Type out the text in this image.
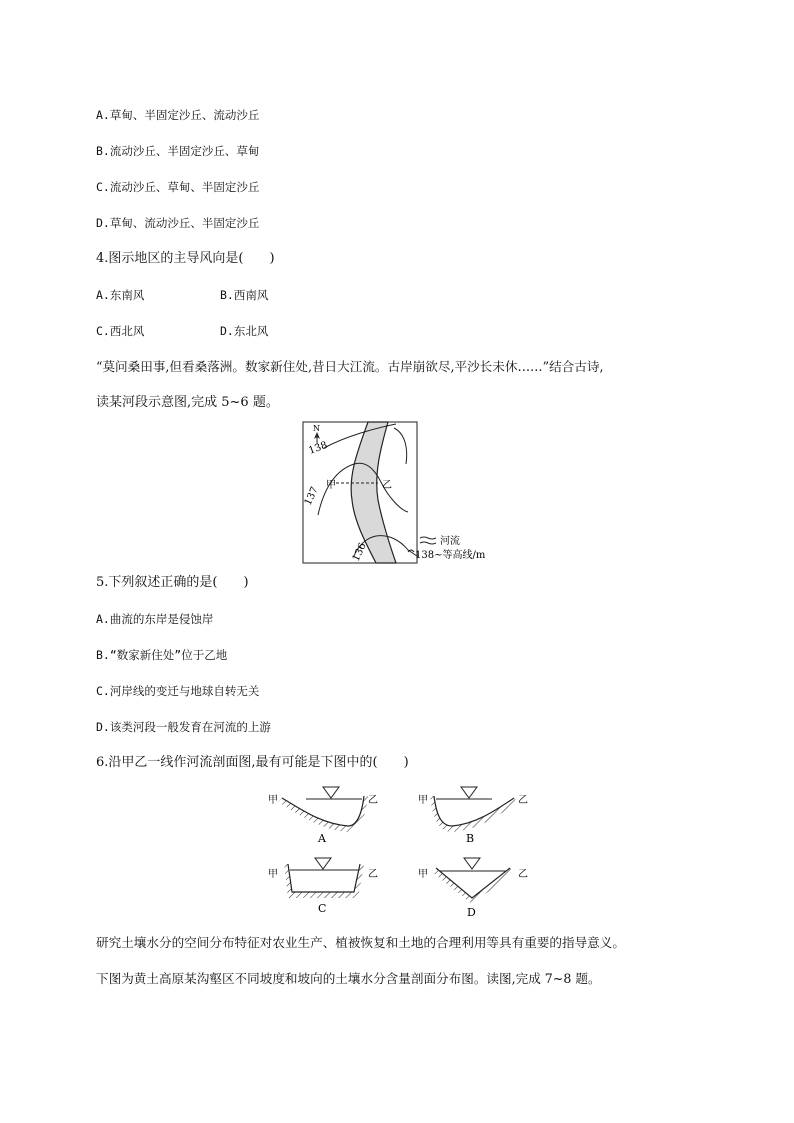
A.草甸、半固定沙丘、流动沙丘
B.流动沙丘、半固定沙丘、草甸
C.流动沙丘、草甸、半固定沙丘
D.草甸、流动沙丘、半固定沙丘
4.图示地区的主导风向是(　　)
A.东南风	B.西南风
C.西北风	D.东北风
“莫问桑田事,但看桑落洲。数家新住处,昔日大江流。古岸崩欲尽,平沙长未休……”结合古诗,
读某河段示意图,完成 5~6 题。
N
138
137
136
甲	乙
河流
138~等高线/m
5.下列叙述正确的是(　　)
A.曲流的东岸是侵蚀岸
B.“数家新住处”位于乙地
C.河岸线的变迁与地球自转无关
D.该类河段一般发育在河流的上游
6.沿甲乙一线作河流剖面图,最有可能是下图中的(　　)
甲	乙
A
甲	乙
B
甲	乙
C
甲	乙
D
研究土壤水分的空间分布特征对农业生产、植被恢复和土地的合理利用等具有重要的指导意义。
下图为黄土高原某沟壑区不同坡度和坡向的土壤水分含量剖面分布图。读图,完成 7~8 题。
